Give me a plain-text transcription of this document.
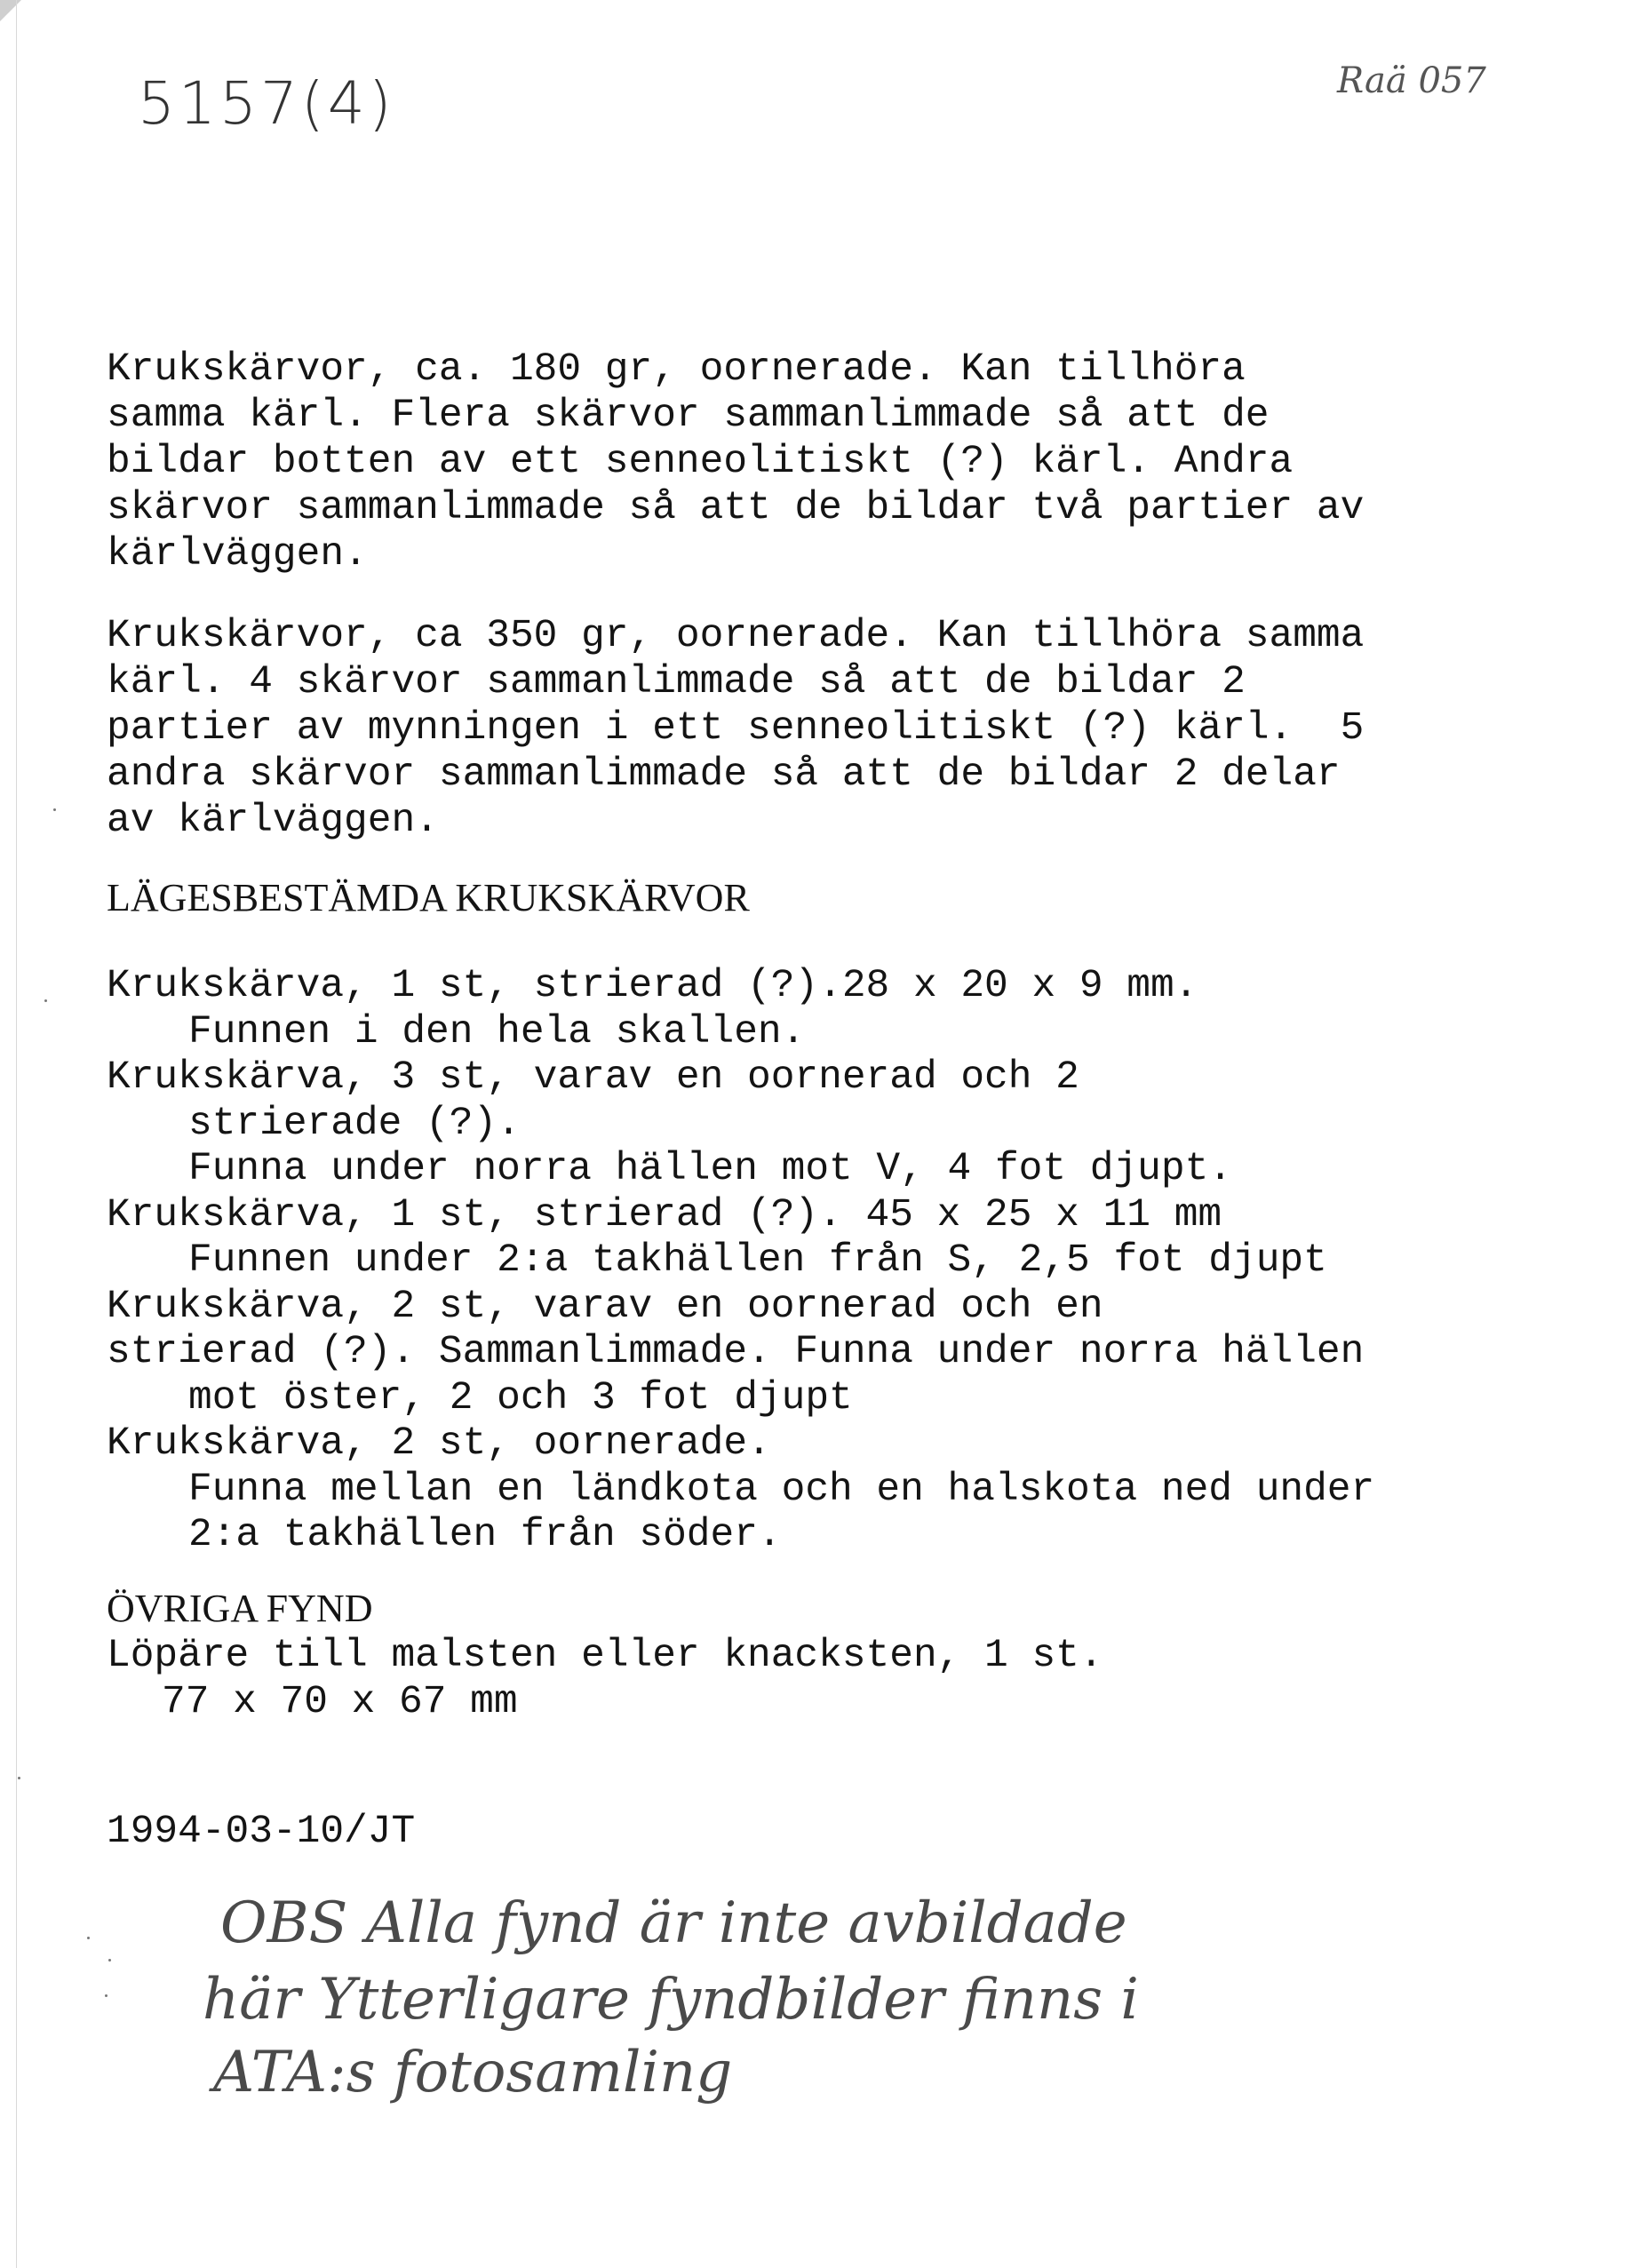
5157(4)	Raä 057

Krukskärvor, ca. 180 gr, oornerade. Kan tillhöra

samma kärl. Flera skärvor sammanlimmade så att de

bildar botten av ett senneolitiskt (?) kärl. Andra

skärvor sammanlimmade så att de bildar två partier av

kärlväggen.

Krukskärvor, ca 350 gr, oornerade. Kan tillhöra samma

kärl. 4 skärvor sammanlimmade så att de bildar 2

partier av mynningen i ett senneolitiskt (?) kärl.  5

andra skärvor sammanlimmade så att de bildar 2 delar

av kärlväggen.

LÄGESBESTÄMDA KRUKSKÄRVOR

Krukskärva, 1 st, strierad (?).28 x 20 x 9 mm.

Funnen i den hela skallen.

Krukskärva, 3 st, varav en oornerad och 2

strierade (?).

Funna under norra hällen mot V, 4 fot djupt.

Krukskärva, 1 st, strierad (?). 45 x 25 x 11 mm

Funnen under 2:a takhällen från S, 2,5 fot djupt

Krukskärva, 2 st, varav en oornerad och en

strierad (?). Sammanlimmade. Funna under norra hällen

mot öster, 2 och 3 fot djupt

Krukskärva, 2 st, oornerade.

Funna mellan en ländkota och en halskota ned under

2:a takhällen från söder.

ÖVRIGA FYND

Löpäre till malsten eller knacksten, 1 st.

77 x 70 x 67 mm

1994-03-10/JT
OBS Alla fynd är inte avbildade
här Ytterligare fyndbilder finns i
ATA:s fotosamling
